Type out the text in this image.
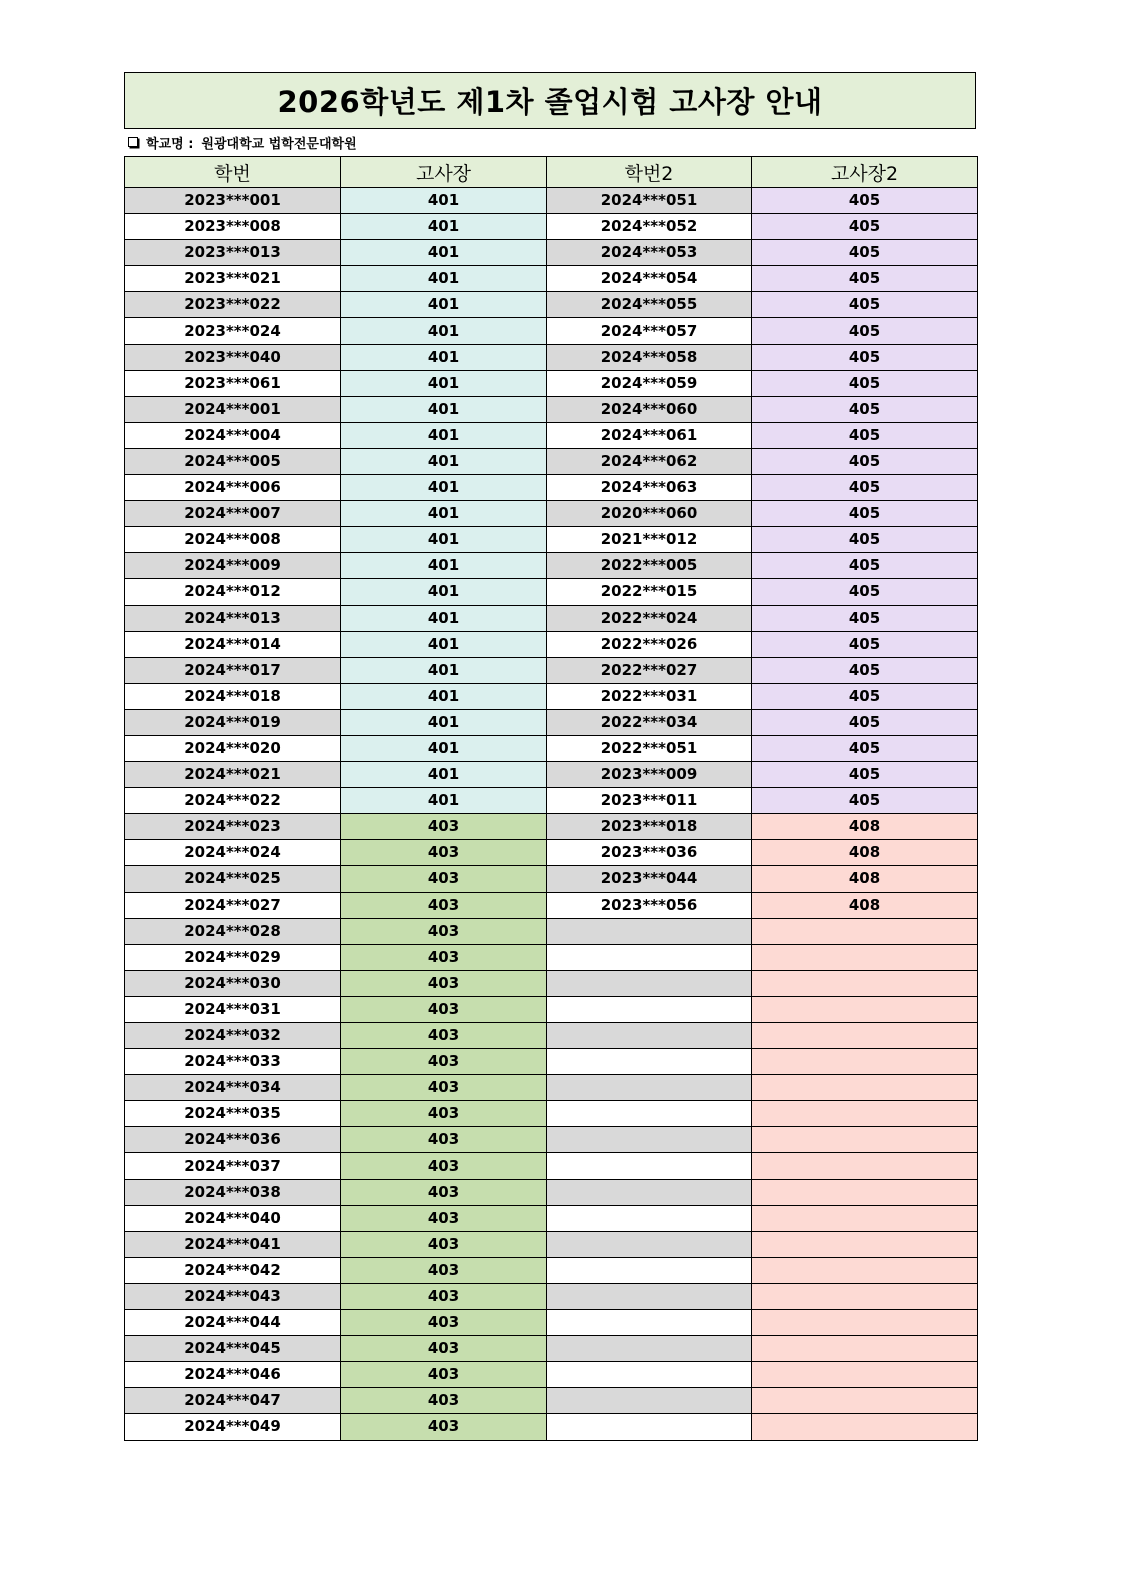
2026학년도 제1차 졸업시험 고사장 안내
학교명 : 원광대학교 법학전문대학원
학번	고사장	학번2	고사장2
2023***001	401	2024***051	405
2023***008	401	2024***052	405
2023***013	401	2024***053	405
2023***021	401	2024***054	405
2023***022	401	2024***055	405
2023***024	401	2024***057	405
2023***040	401	2024***058	405
2023***061	401	2024***059	405
2024***001	401	2024***060	405
2024***004	401	2024***061	405
2024***005	401	2024***062	405
2024***006	401	2024***063	405
2024***007	401	2020***060	405
2024***008	401	2021***012	405
2024***009	401	2022***005	405
2024***012	401	2022***015	405
2024***013	401	2022***024	405
2024***014	401	2022***026	405
2024***017	401	2022***027	405
2024***018	401	2022***031	405
2024***019	401	2022***034	405
2024***020	401	2022***051	405
2024***021	401	2023***009	405
2024***022	401	2023***011	405
2024***023	403	2023***018	408
2024***024	403	2023***036	408
2024***025	403	2023***044	408
2024***027	403	2023***056	408
2024***028	403		
2024***029	403		
2024***030	403		
2024***031	403		
2024***032	403		
2024***033	403		
2024***034	403		
2024***035	403		
2024***036	403		
2024***037	403		
2024***038	403		
2024***040	403		
2024***041	403		
2024***042	403		
2024***043	403		
2024***044	403		
2024***045	403		
2024***046	403		
2024***047	403		
2024***049	403		
